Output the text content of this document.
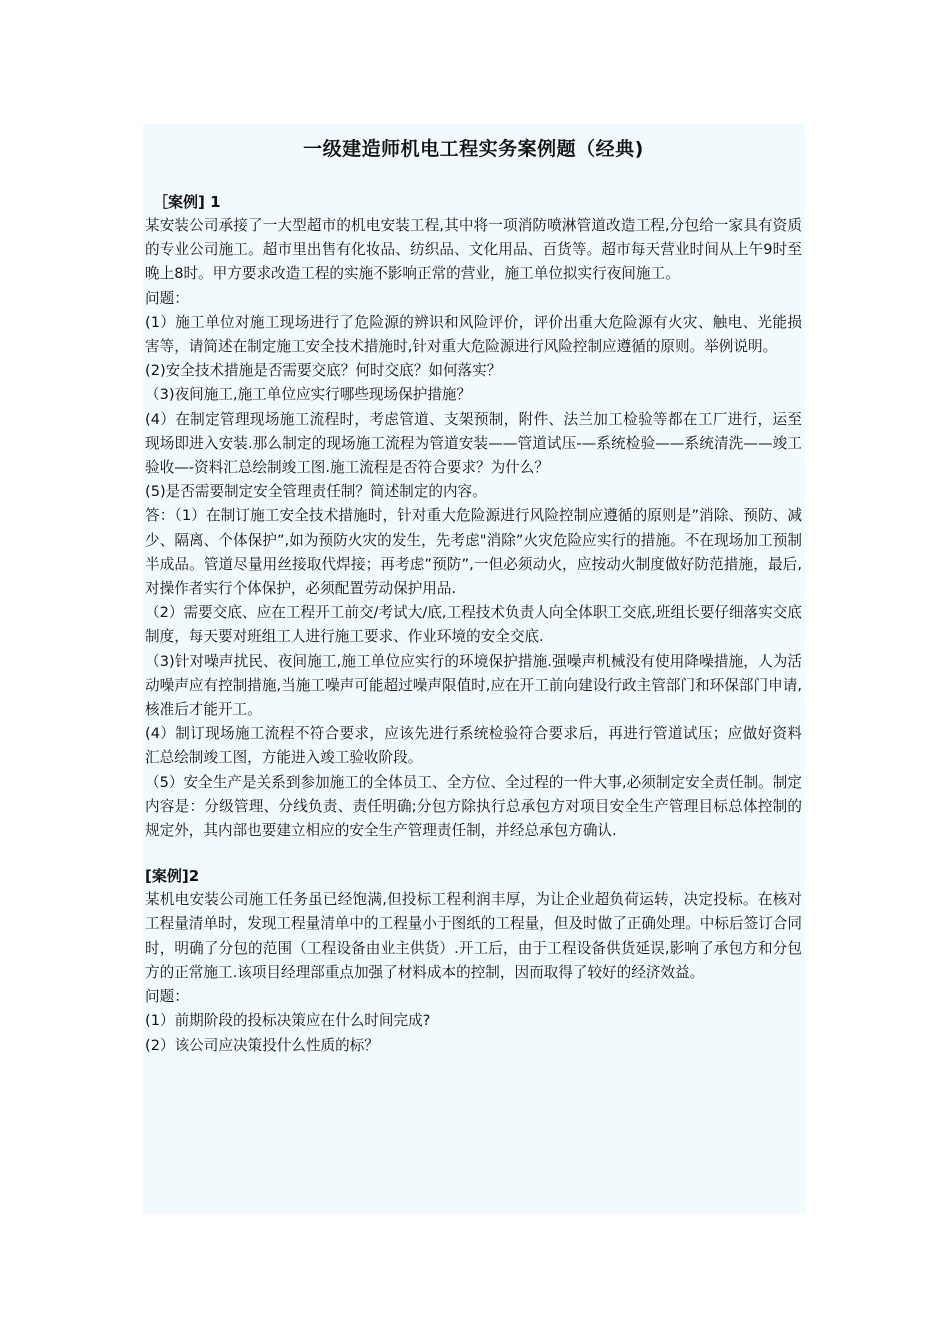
一级建造师机电工程实务案例题（经典)
［案例] 1

某安装公司承接了一大型超市的机电安装工程,其中将一项消防喷淋管道改造工程,分包给一家具有资质的专业公司施工。超市里出售有化妆品、纺织品、文化用品、百货等。超市每天营业时间从上午9时至晚上8时。甲方要求改造工程的实施不影响正常的营业，施工单位拟实行夜间施工。

问题：

(1）施工单位对施工现场进行了危险源的辨识和风险评价，评价出重大危险源有火灾、触电、光能损害等，请简述在制定施工安全技术措施时,针对重大危险源进行风险控制应遵循的原则。举例说明。

(2)安全技术措施是否需要交底？何时交底？如何落实？

（3)夜间施工,施工单位应实行哪些现场保护措施？

(4）在制定管理现场施工流程时，考虑管道、支架预制，附件、法兰加工检验等都在工厂进行，运至现场即进入安装.那么制定的现场施工流程为管道安装——管道试压-—系统检验——系统清洗——竣工验收—-资料汇总绘制竣工图.施工流程是否符合要求？为什么？

(5)是否需要制定安全管理责任制？简述制定的内容。

答：（1）在制订施工安全技术措施时，针对重大危险源进行风险控制应遵循的原则是”消除、预防、减少、隔离、个体保护”,如为预防火灾的发生，先考虑"消除”火灾危险应实行的措施。不在现场加工预制半成品。管道尽量用丝接取代焊接；再考虑”预防”,一但必须动火，应按动火制度做好防范措施，最后,对操作者实行个体保护，必须配置劳动保护用品.

（2）需要交底、应在工程开工前交/考试大/底,工程技术负责人向全体职工交底,班组长要仔细落实交底制度，每天要对班组工人进行施工要求、作业环境的安全交底.

（3)针对噪声扰民、夜间施工,施工单位应实行的环境保护措施.强噪声机械没有使用降噪措施，人为活动噪声应有控制措施,当施工噪声可能超过噪声限值时,应在开工前向建设行政主管部门和环保部门申请,核准后才能开工。

(4）制订现场施工流程不符合要求，应该先进行系统检验符合要求后，再进行管道试压；应做好资料汇总绘制竣工图，方能进入竣工验收阶段。

（5）安全生产是关系到参加施工的全体员工、全方位、全过程的一件大事,必须制定安全责任制。制定内容是：分级管理、分线负责、责任明确;分包方除执行总承包方对项目安全生产管理目标总体控制的规定外，其内部也要建立相应的安全生产管理责任制，并经总承包方确认.

[案例]2

某机电安装公司施工任务虽已经饱满,但投标工程利润丰厚，为让企业超负荷运转，决定投标。在核对工程量清单时，发现工程量清单中的工程量小于图纸的工程量，但及时做了正确处理。中标后签订合同时，明确了分包的范围（工程设备由业主供货）.开工后，由于工程设备供货延误,影响了承包方和分包方的正常施工.该项目经理部重点加强了材料成本的控制，因而取得了较好的经济效益。

问题：

(1）前期阶段的投标决策应在什么时间完成?

(2）该公司应决策投什么性质的标？
